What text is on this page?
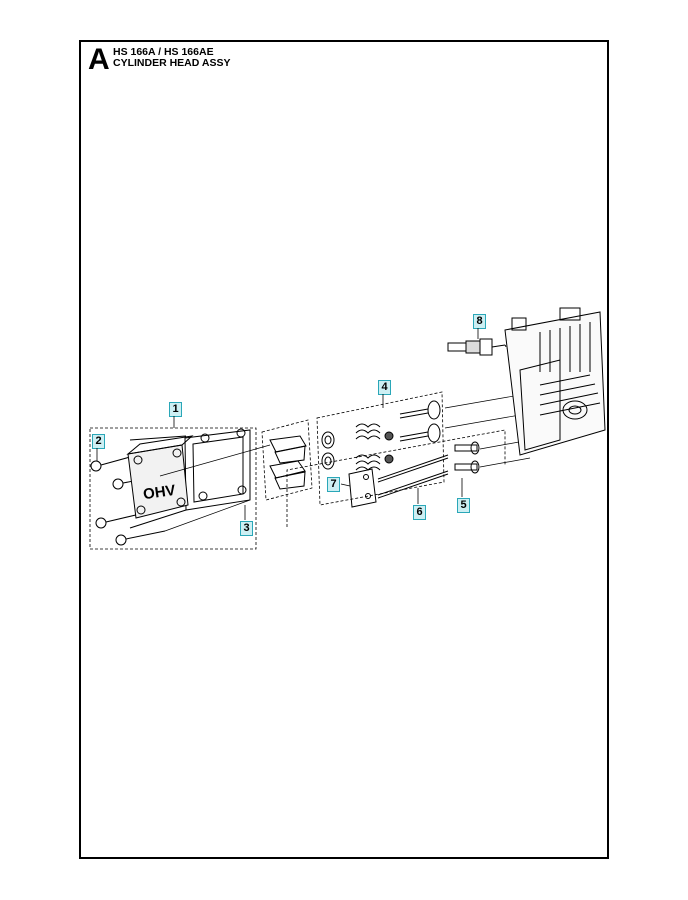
A HS 166A / HS 166AE
CYLINDER HEAD ASSY
OHV
1
2
3
4
5
6
7
8
